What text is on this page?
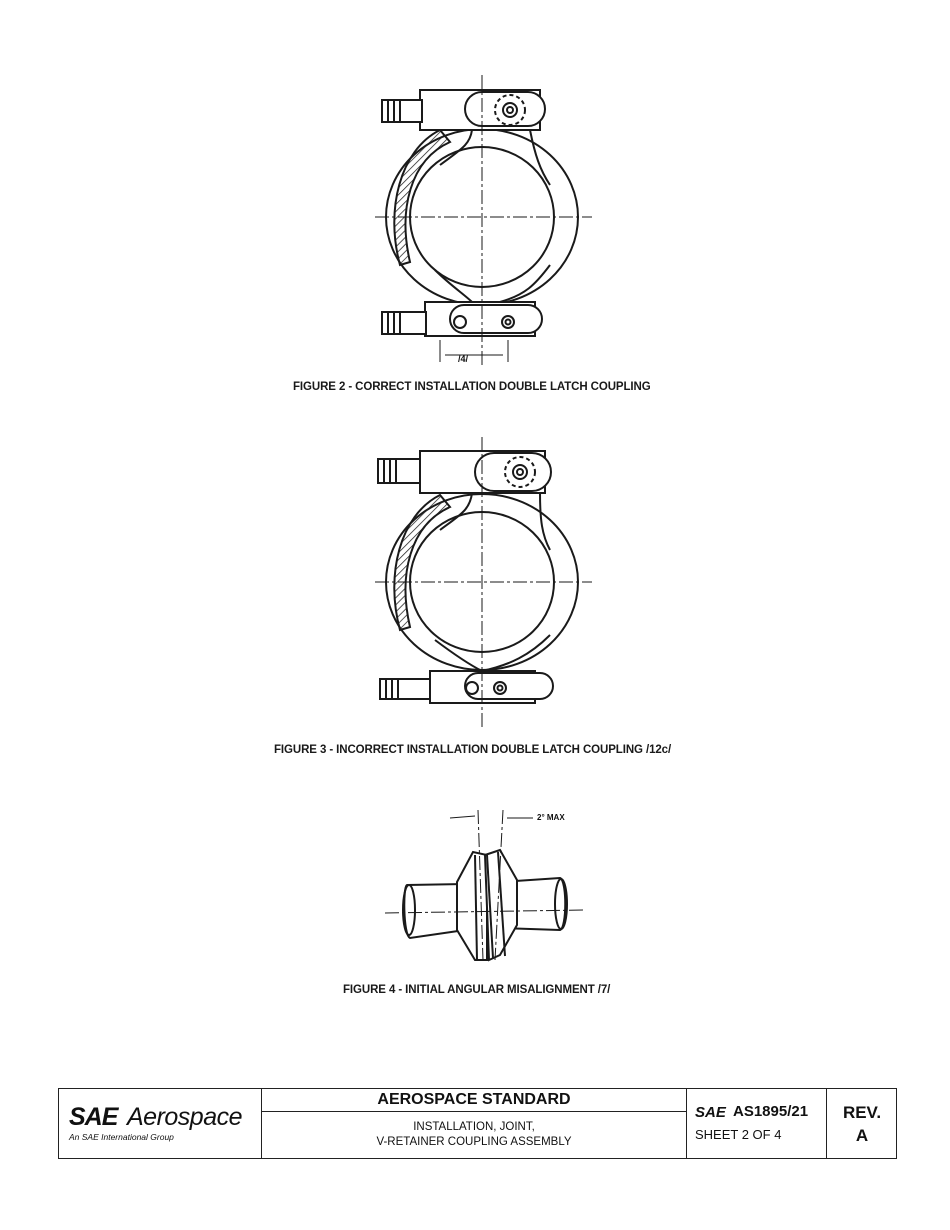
/4/
FIGURE 2 - CORRECT INSTALLATION DOUBLE LATCH COUPLING
FIGURE 3 - INCORRECT INSTALLATION DOUBLE LATCH COUPLING /12c/
2° MAX
FIGURE 4 - INITIAL ANGULAR MISALIGNMENT /7/
SAE Aerospace
An SAE International Group
AEROSPACE STANDARD
INSTALLATION, JOINT,
V-RETAINER COUPLING ASSEMBLY
SAE AS1895/21
SHEET 2 OF 4
REV.
A
